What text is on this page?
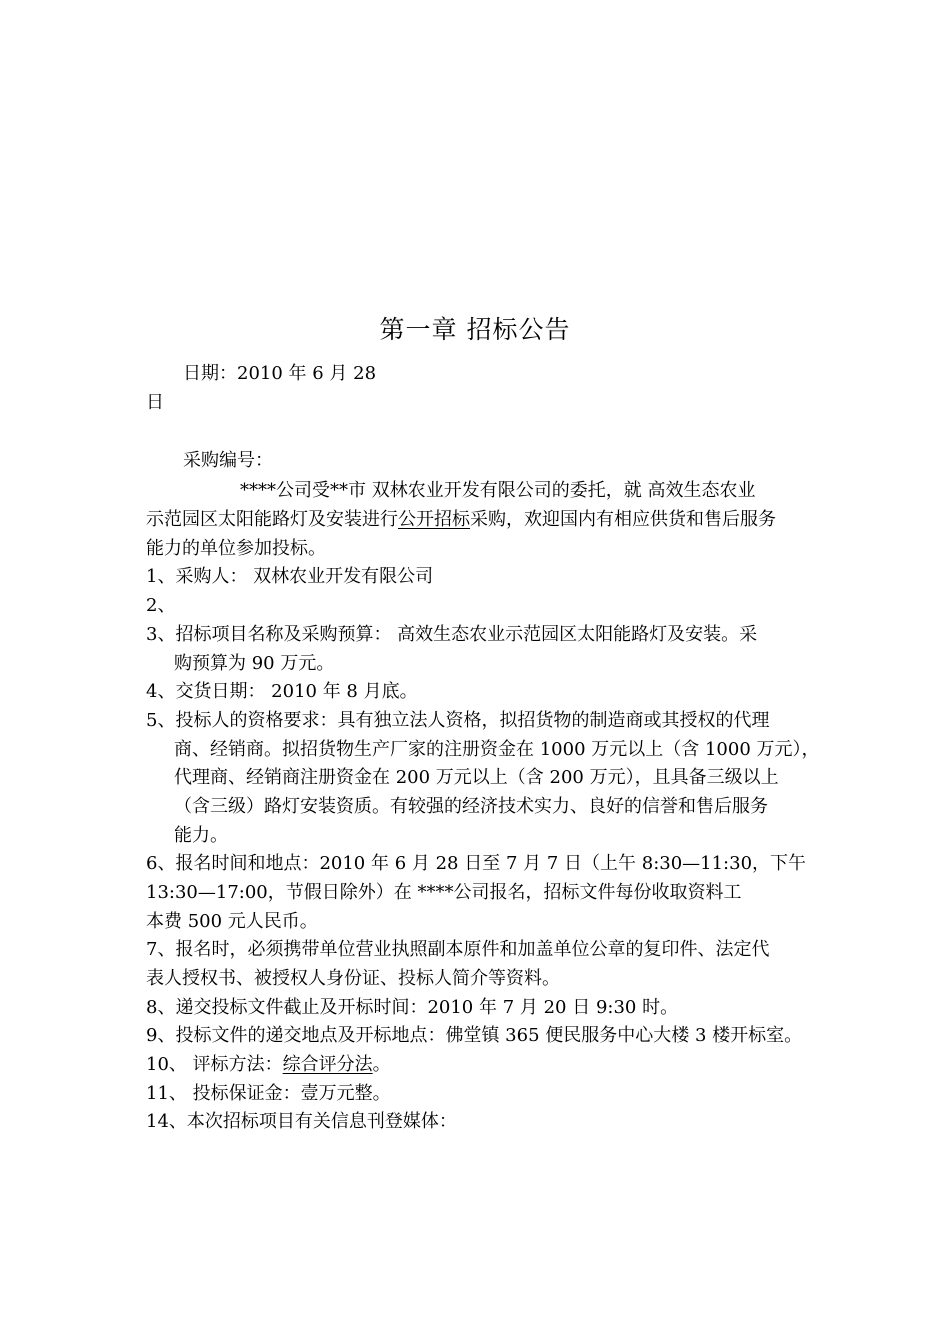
第一章 招标公告
日期：2010 年 6 月 28
日
采购编号：
****公司受**市 双林农业开发有限公司的委托，就 高效生态农业
示范园区太阳能路灯及安装进行公开招标采购，欢迎国内有相应供货和售后服务
能力的单位参加投标。
1、采购人： 双林农业开发有限公司
2、
3、招标项目名称及采购预算： 高效生态农业示范园区太阳能路灯及安装。采
购预算为 90 万元。
4、交货日期： 2010 年 8 月底。
5、投标人的资格要求：具有独立法人资格，拟招货物的制造商或其授权的代理
商、经销商。拟招货物生产厂家的注册资金在 1000 万元以上（含 1000 万元），
代理商、经销商注册资金在 200 万元以上（含 200 万元），且具备三级以上
（含三级）路灯安装资质。有较强的经济技术实力、良好的信誉和售后服务
能力。
6、报名时间和地点：2010 年 6 月 28 日至 7 月 7 日（上午 8:30—11:30，下午
13:30—17:00，节假日除外）在 ****公司报名，招标文件每份收取资料工
本费 500 元人民币。
7、报名时，必须携带单位营业执照副本原件和加盖单位公章的复印件、法定代
表人授权书、被授权人身份证、投标人简介等资料。
8、递交投标文件截止及开标时间：2010 年 7 月 20 日 9:30 时。
9、投标文件的递交地点及开标地点：佛堂镇 365 便民服务中心大楼 3 楼开标室。
10、 评标方法：综合评分法。
11、 投标保证金：壹万元整。
14、本次招标项目有关信息刊登媒体：
